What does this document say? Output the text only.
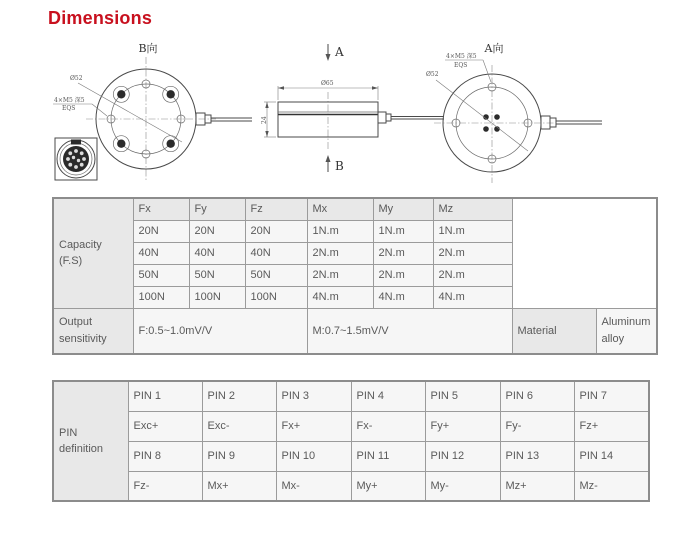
Dimensions
B向
Ø52
4×M5 深5
EQS
A
B
Ø65
24
A向
4×M5 深5
EQS
Ø52
Capacity (F.S)	Fx	Fy	Fz	Mx	My	Mz		
	20N	20N	20N	1N.m	1N.m	1N.m		
	40N	40N	40N	2N.m	2N.m	2N.m		
	50N	50N	50N	2N.m	2N.m	2N.m		
	100N	100N	100N	4N.m	4N.m	4N.m		
Output sensitivity	F:0.5~1.0mV/V			M:0.7~1.5mV/V			Material	Aluminum alloy
PIN definition	PIN 1	PIN 2	PIN 3	PIN 4	PIN 5	PIN 6	PIN 7
	Exc+	Exc-	Fx+	Fx-	Fy+	Fy-	Fz+
	PIN 8	PIN 9	PIN 10	PIN 11	PIN 12	PIN 13	PIN 14
	Fz-	Mx+	Mx-	My+	My-	Mz+	Mz-
